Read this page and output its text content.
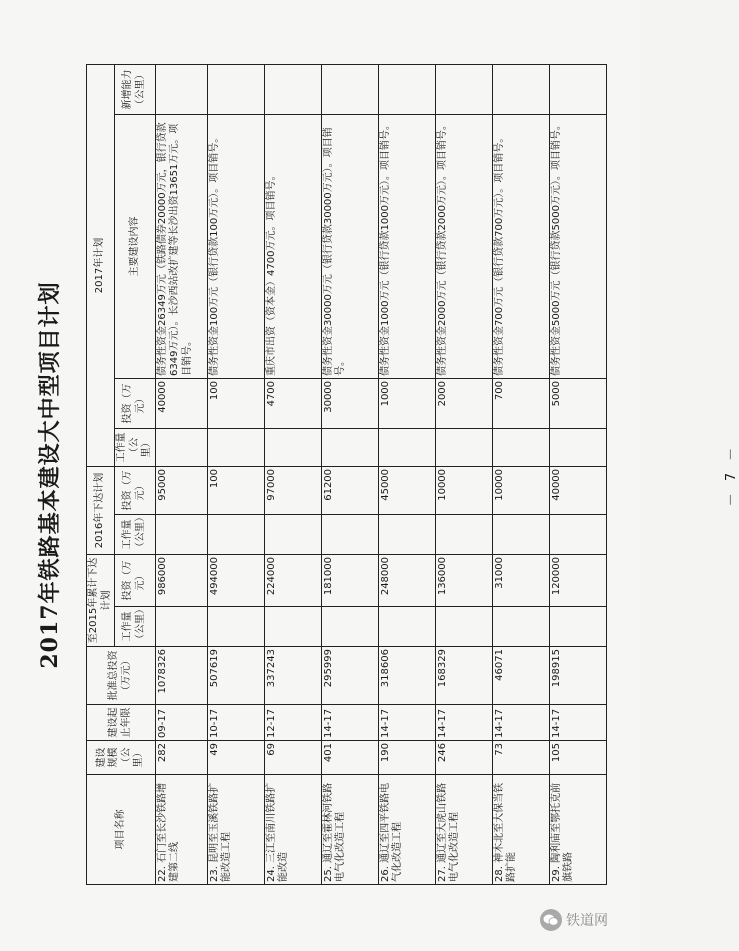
2017年铁路基本建设大中型项目计划
项目名称	建设规模（公里）	建设起止年限	批准总投资（万元）	至2015年累计下达计划		2016年下达计划		2017年计划			
				工作量（公里）	投资（万元）	工作量（公里）	投资（万元）	工作量（公里）	投资（万元）	主要建设内容	新增能力（公里）
22. 石门至长沙铁路增建第二线	282	09-17	1078326		986000		95000		40000	债务性资金26349万元（铁路债券20000万元，银行贷款6349万元）。长沙西站改扩建等长沙出资13651万元。项目销号。	
23. 昆明至玉溪铁路扩能改造工程	49	10-17	507619		494000		100		100	债务性资金100万元（银行贷款100万元）。项目销号。	
24. 三江至南川铁路扩能改造	69	12-17	337243		224000		97000		4700	重庆市出资（资本金）4700万元。项目销号。	
25. 通辽至霍林河铁路电气化改造工程	401	14-17	295999		181000		61200		30000	债务性资金30000万元（银行贷款30000万元）。项目销号。	
26. 通辽至四平铁路电气化改造工程	190	14-17	318606		248000		45000		1000	债务性资金1000万元（银行贷款1000万元）。项目销号。	
27. 通辽至大虎山铁路电气化改造工程	246	14-17	168329		136000		10000		2000	债务性资金2000万元（银行贷款2000万元）。项目销号。	
28. 神木北至大保当铁路扩能	73	14-17	46071		31000		10000		700	债务性资金700万元（银行贷款700万元）。项目销号。	
29. 陶利庙至鄂托克前旗铁路	105	14-17	198915		120000		40000		5000	债务性资金5000万元（银行贷款5000万元）。项目销号。	
－ 7 －
铁道网
